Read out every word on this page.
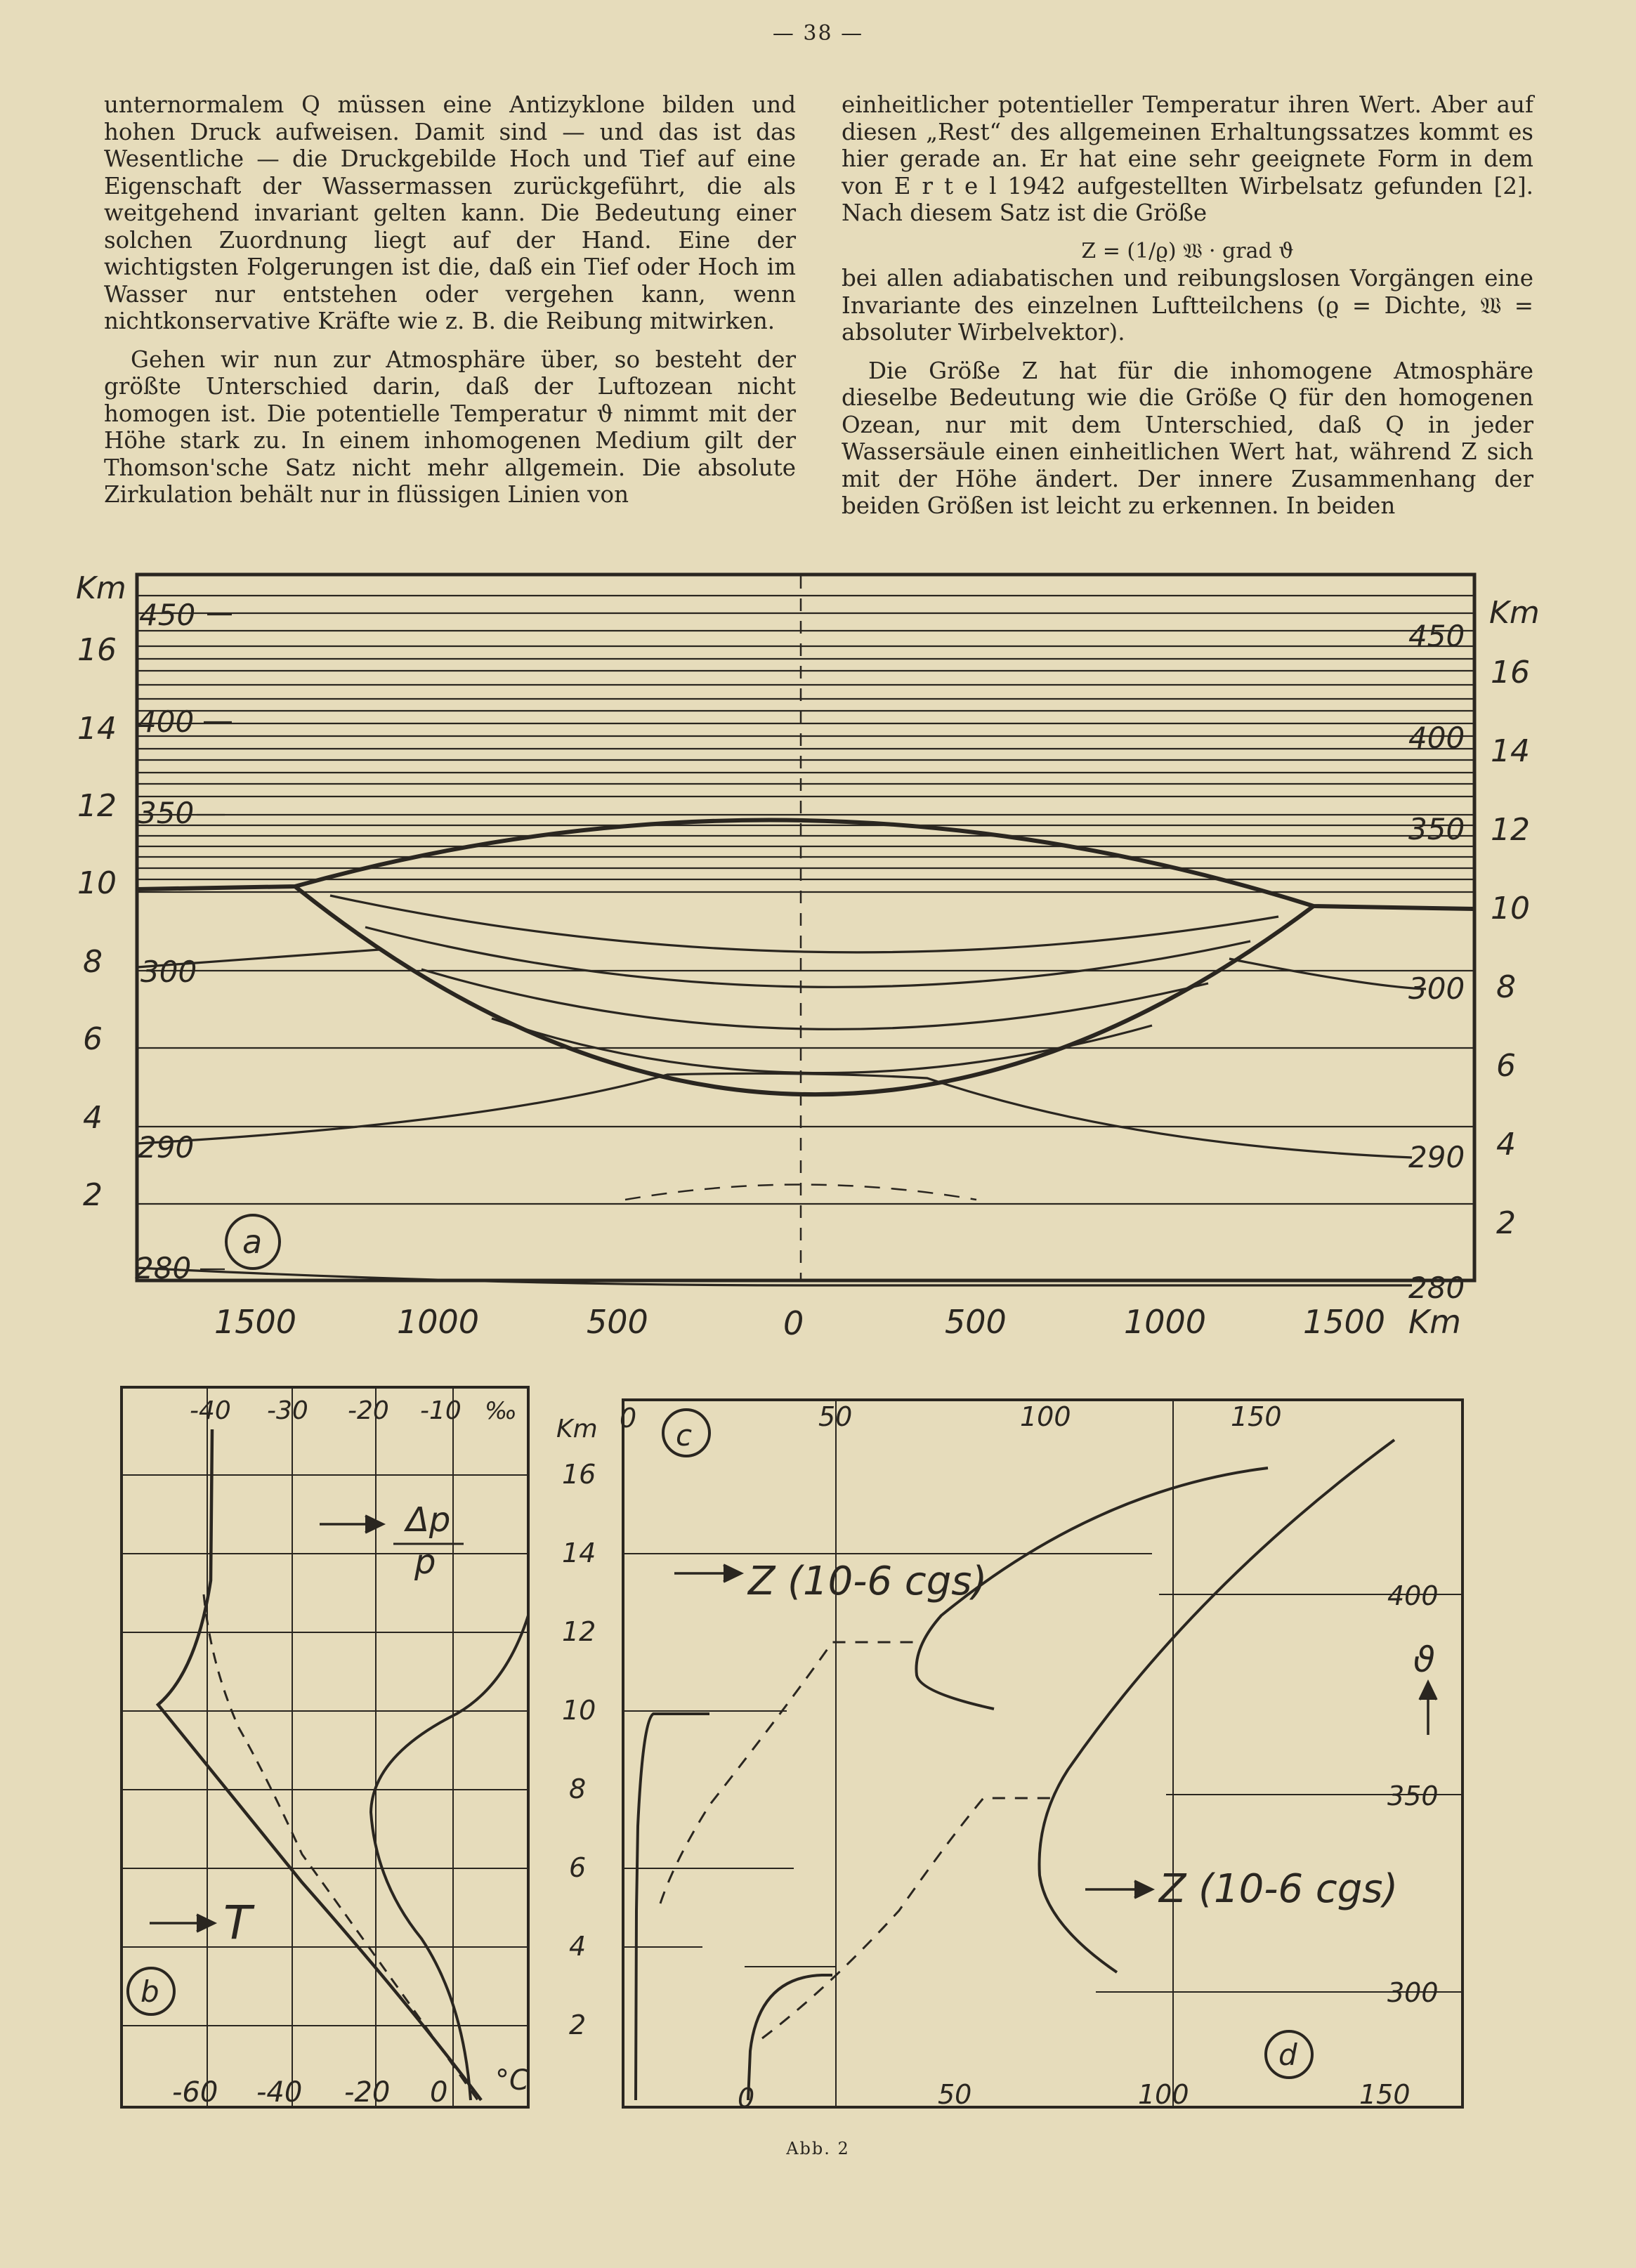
— 38 —

unternormalem Q müssen eine Antizyklone bilden und hohen Druck aufweisen. Damit sind — und das ist das Wesentliche — die Druckgebilde Hoch und Tief auf eine Eigenschaft der Wassermassen zurückgeführt, die als weitgehend invariant gelten kann. Die Bedeutung einer solchen Zuordnung liegt auf der Hand. Eine der wichtigsten Folgerungen ist die, daß ein Tief oder Hoch im Wasser nur entstehen oder vergehen kann, wenn nichtkonservative Kräfte wie z. B. die Reibung mitwirken.

Gehen wir nun zur Atmosphäre über, so besteht der größte Unterschied darin, daß der Luftozean nicht homogen ist. Die potentielle Temperatur ϑ nimmt mit der Höhe stark zu. In einem inhomogenen Medium gilt der Thomson'sche Satz nicht mehr allgemein. Die absolute Zirkulation behält nur in flüssigen Linien von

einheitlicher potentieller Temperatur ihren Wert. Aber auf diesen „Rest“ des allgemeinen Erhaltungssatzes kommt es hier gerade an. Er hat eine sehr geeignete Form in dem von E r t e l 1942 aufgestellten Wirbelsatz gefunden [2]. Nach diesem Satz ist die Größe

Z = (1/ϱ) 𝔚 · grad ϑ

bei allen adiabatischen und reibungslosen Vorgängen eine Invariante des einzelnen Luftteilchens (ϱ = Dichte, 𝔚 = absoluter Wirbelvektor).

Die Größe Z hat für die inhomogene Atmosphäre dieselbe Bedeutung wie die Größe Q für den homogenen Ozean, nur mit dem Unterschied, daß Q in jeder Wassersäule einen einheitlichen Wert hat, während Z sich mit der Höhe ändert. Der innere Zusammenhang der beiden Größen ist leicht zu erkennen. In beiden

Km
Km
16
14
12
10
8
6
4
2
16
14
12
10
8
6
4
2
450
400
350
300
290
280
450
400
350
300
290
280
1500	1000	500	0	500	1000	1500 Km
a
-40 -30 -20 -10 ‰
Δp
p
T
b
-60 -40 -20 0 °C
Km
16
14
12
10
8
6
4
2
0	50	100	150
c
Z (10-6 cgs)
0	50	100	150
d
Z (10-6 cgs)
300
350
400
ϑ
Abb. 2
